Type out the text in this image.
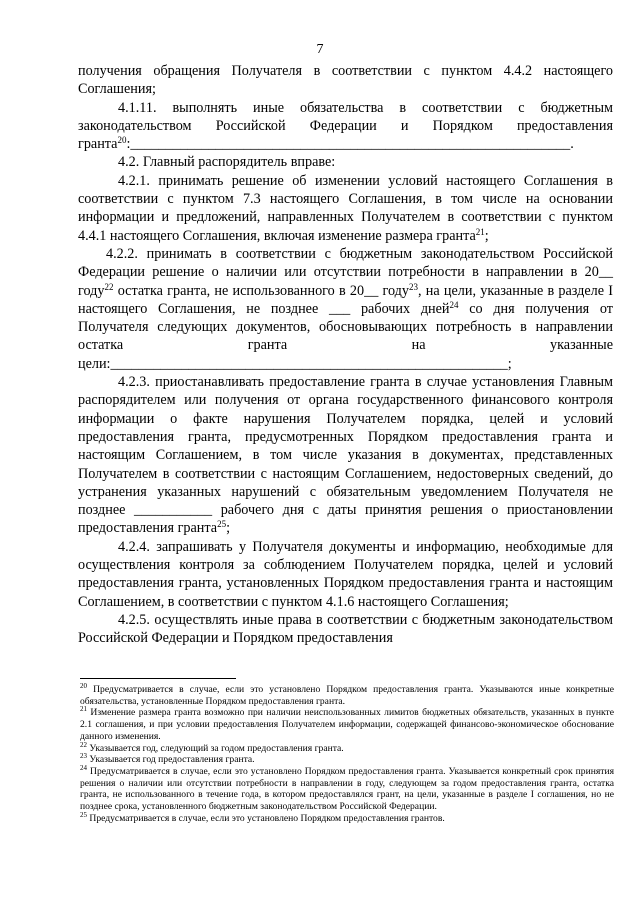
7

получения обращения Получателя в соответствии с пунктом 4.4.2 настоящего Соглашения;

4.1.11. выполнять иные обязательства в соответствии с бюджетным законодательством Российской Федерации и Порядком предоставления гранта$^{20}$:______________________________________________________________.

4.2. Главный распорядитель вправе:

4.2.1. принимать решение об изменении условий настоящего Соглашения в соответствии с пунктом 7.3 настоящего Соглашения, в том числе на основании информации и предложений, направленных Получателем в соответствии с пунктом 4.4.1 настоящего Соглашения, включая изменение размера гранта$^{21}$;

4.2.2. принимать в соответствии с бюджетным законодательством Российской Федерации решение о наличии или отсутствии потребности в направлении в 20__ году$^{22}$ остатка гранта, не использованного в 20__ году$^{23}$, на цели, указанные в разделе I настоящего Соглашения, не позднее ___ рабочих дней$^{24}$ со дня получения от Получателя следующих документов, обосновывающих потребность в направлении остатка гранта на указанные цели:________________________________________________________;

4.2.3. приостанавливать предоставление гранта в случае установления Главным распорядителем или получения от органа государственного финансового контроля информации о факте нарушения Получателем порядка, целей и условий предоставления гранта, предусмотренных Порядком предоставления гранта и настоящим Соглашением, в том числе указания в документах, представленных Получателем в соответствии с настоящим Соглашением, недостоверных сведений, до устранения указанных нарушений с обязательным уведомлением Получателя не позднее ___________ рабочего дня с даты принятия решения о приостановлении предоставления гранта$^{25}$;

4.2.4. запрашивать у Получателя документы и информацию, необходимые для осуществления контроля за соблюдением Получателем порядка, целей и условий предоставления гранта, установленных Порядком предоставления гранта и настоящим Соглашением, в соответствии с пунктом 4.1.6 настоящего Соглашения;

4.2.5. осуществлять иные права в соответствии с бюджетным законодательством Российской Федерации и Порядком предоставления

$^{20}$ Предусматривается в случае, если это установлено Порядком предоставления гранта. Указываются иные конкретные обязательства, установленные Порядком предоставления гранта.

$^{21}$ Изменение размера гранта возможно при наличии неиспользованных лимитов бюджетных обязательств, указанных в пункте 2.1 соглашения, и при условии предоставления Получателем информации, содержащей финансово-экономическое обоснование данного изменения.

$^{22}$ Указывается год, следующий за годом предоставления гранта.

$^{23}$ Указывается год предоставления гранта.

$^{24}$ Предусматривается в случае, если это установлено Порядком предоставления гранта. Указывается конкретный срок принятия решения о наличии или отсутствии потребности в направлении в году, следующем за годом предоставления гранта, остатка гранта, не использованного в течение года, в котором предоставлялся грант, на цели, указанные в разделе I соглашения, но не позднее срока, установленного бюджетным законодательством Российской Федерации.

$^{25}$ Предусматривается в случае, если это установлено Порядком предоставления грантов.
